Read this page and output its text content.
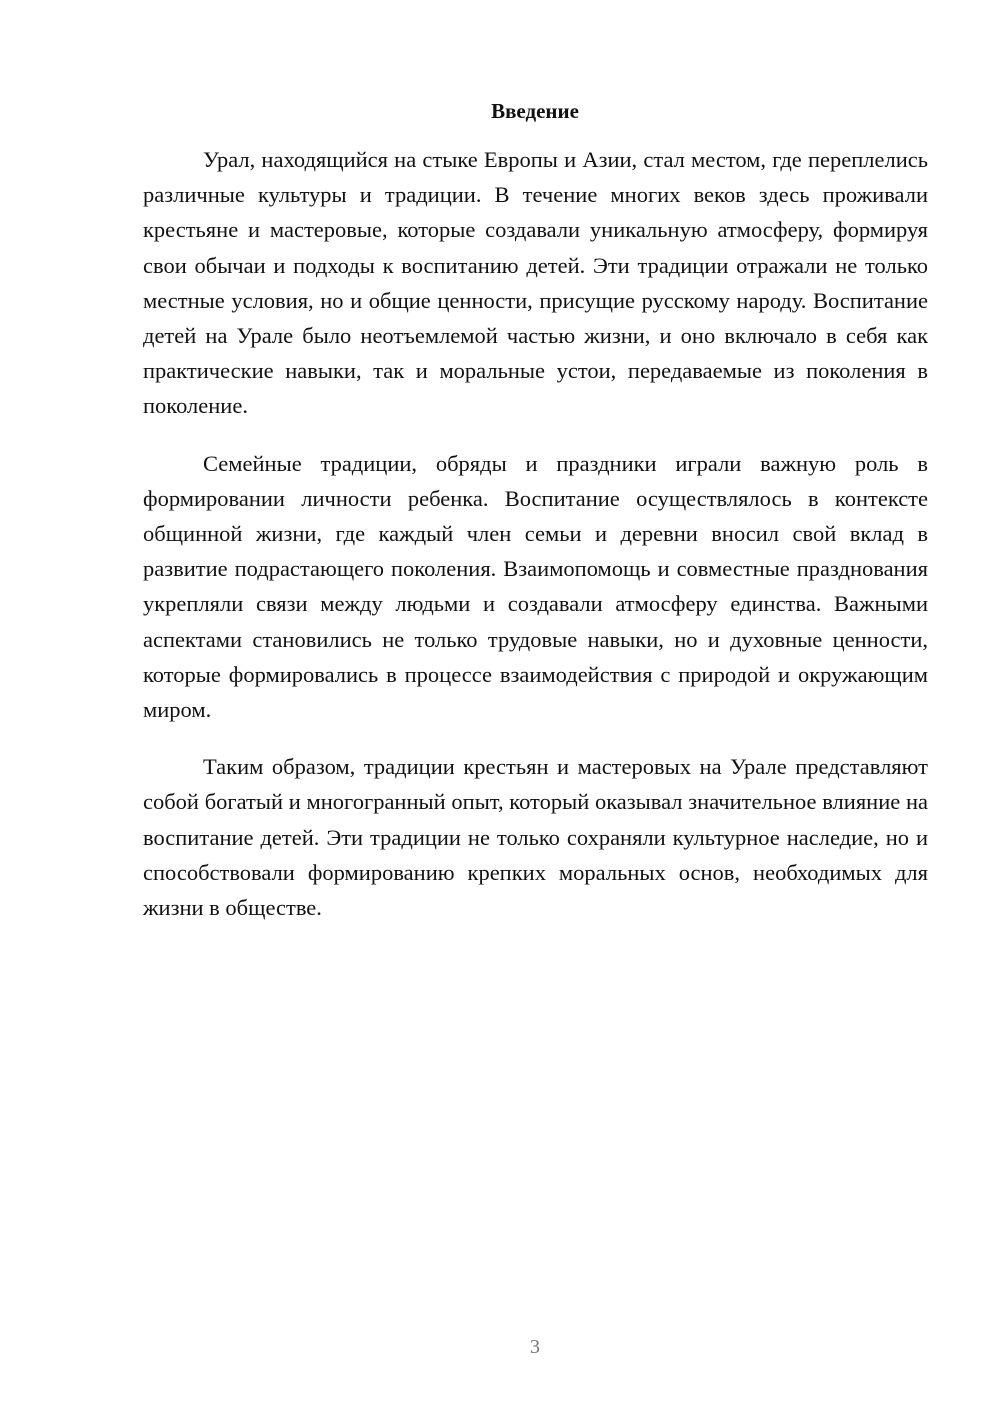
Введение

Урал, находящийся на стыке Европы и Азии, стал местом, где переплелись различные культуры и традиции. В течение многих веков здесь проживали крестьяне и мастеровые, которые создавали уникальную атмосферу, формируя свои обычаи и подходы к воспитанию детей. Эти традиции отражали не только местные условия, но и общие ценности, присущие русскому народу. Воспитание детей на Урале было неотъемлемой частью жизни, и оно включало в себя как практические навыки, так и моральные устои, передаваемые из поколения в поколение.

Семейные традиции, обряды и праздники играли важную роль в формировании личности ребенка. Воспитание осуществлялось в контексте общинной жизни, где каждый член семьи и деревни вносил свой вклад в развитие подрастающего поколения. Взаимопомощь и совместные празднования укрепляли связи между людьми и создавали атмосферу единства. Важными аспектами становились не только трудовые навыки, но и духовные ценности, которые формировались в процессе взаимодействия с природой и окружающим миром.

Таким образом, традиции крестьян и мастеровых на Урале представляют собой богатый и многогранный опыт, который оказывал значительное влияние на воспитание детей. Эти традиции не только сохраняли культурное наследие, но и способствовали формированию крепких моральных основ, необходимых для жизни в обществе.

3
